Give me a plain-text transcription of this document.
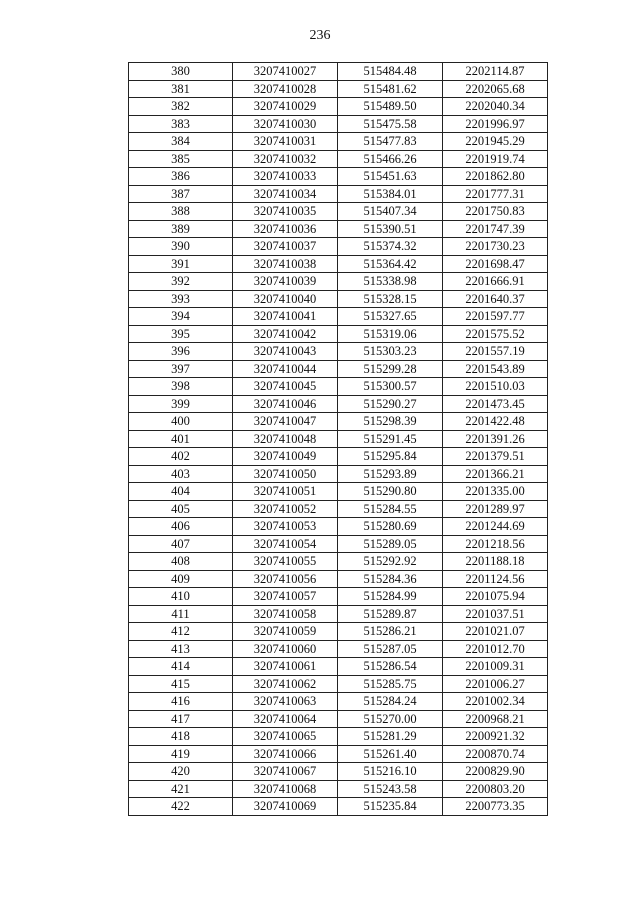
236
380	3207410027	515484.48	2202114.87
381	3207410028	515481.62	2202065.68
382	3207410029	515489.50	2202040.34
383	3207410030	515475.58	2201996.97
384	3207410031	515477.83	2201945.29
385	3207410032	515466.26	2201919.74
386	3207410033	515451.63	2201862.80
387	3207410034	515384.01	2201777.31
388	3207410035	515407.34	2201750.83
389	3207410036	515390.51	2201747.39
390	3207410037	515374.32	2201730.23
391	3207410038	515364.42	2201698.47
392	3207410039	515338.98	2201666.91
393	3207410040	515328.15	2201640.37
394	3207410041	515327.65	2201597.77
395	3207410042	515319.06	2201575.52
396	3207410043	515303.23	2201557.19
397	3207410044	515299.28	2201543.89
398	3207410045	515300.57	2201510.03
399	3207410046	515290.27	2201473.45
400	3207410047	515298.39	2201422.48
401	3207410048	515291.45	2201391.26
402	3207410049	515295.84	2201379.51
403	3207410050	515293.89	2201366.21
404	3207410051	515290.80	2201335.00
405	3207410052	515284.55	2201289.97
406	3207410053	515280.69	2201244.69
407	3207410054	515289.05	2201218.56
408	3207410055	515292.92	2201188.18
409	3207410056	515284.36	2201124.56
410	3207410057	515284.99	2201075.94
411	3207410058	515289.87	2201037.51
412	3207410059	515286.21	2201021.07
413	3207410060	515287.05	2201012.70
414	3207410061	515286.54	2201009.31
415	3207410062	515285.75	2201006.27
416	3207410063	515284.24	2201002.34
417	3207410064	515270.00	2200968.21
418	3207410065	515281.29	2200921.32
419	3207410066	515261.40	2200870.74
420	3207410067	515216.10	2200829.90
421	3207410068	515243.58	2200803.20
422	3207410069	515235.84	2200773.35
